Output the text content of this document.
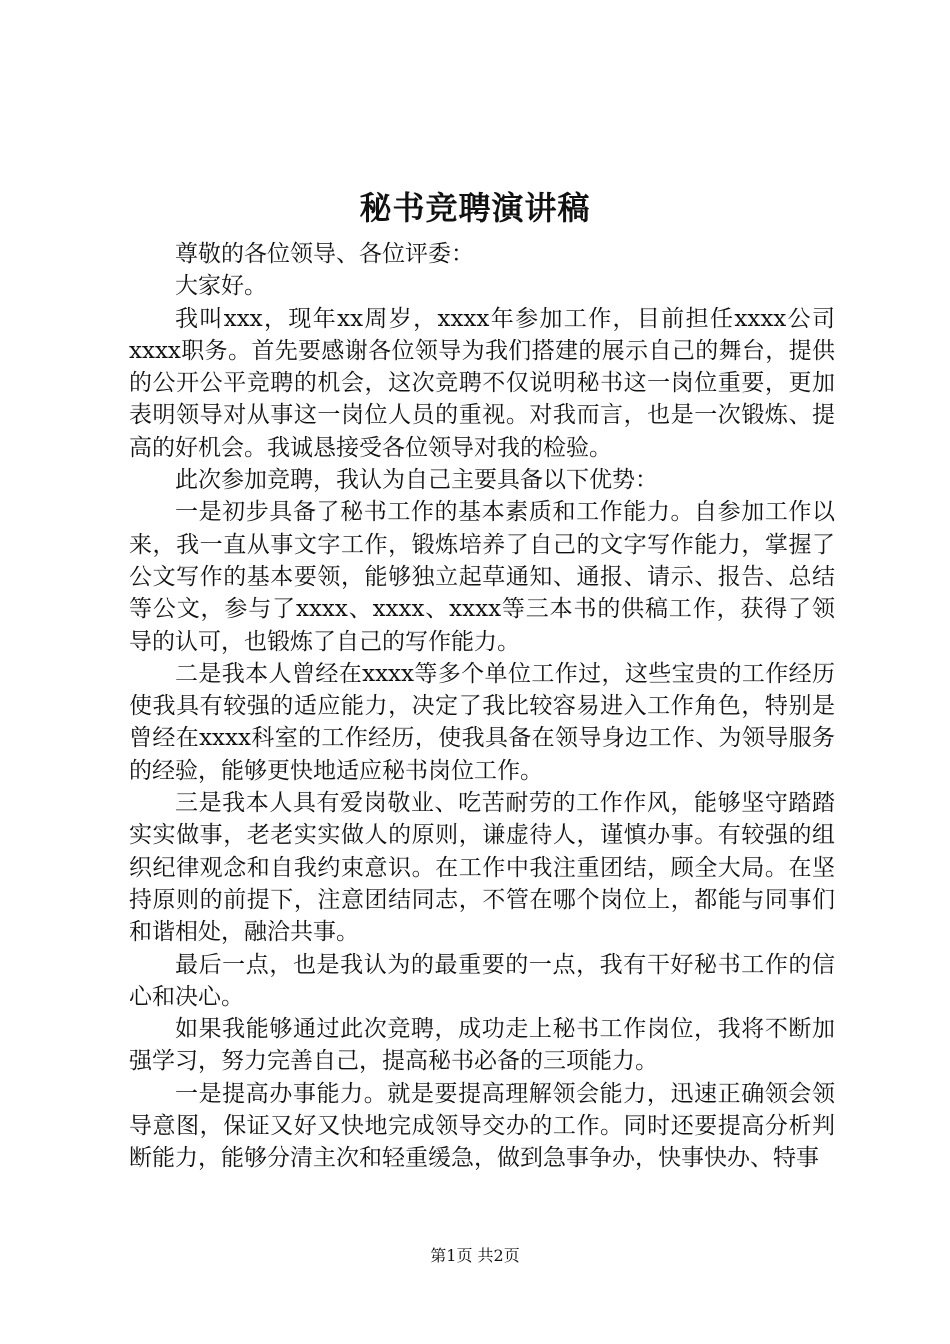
秘书竞聘演讲稿

尊敬的各位领导、各位评委：

大家好。

我叫xxx，现年xx周岁，xxxx年参加工作，目前担任xxxx公司xxxx职务。首先要感谢各位领导为我们搭建的展示自己的舞台，提供的公开公平竞聘的机会，这次竞聘不仅说明秘书这一岗位重要，更加表明领导对从事这一岗位人员的重视。对我而言，也是一次锻炼、提高的好机会。我诚恳接受各位领导对我的检验。

此次参加竞聘，我认为自己主要具备以下优势：

一是初步具备了秘书工作的基本素质和工作能力。自参加工作以来，我一直从事文字工作，锻炼培养了自己的文字写作能力，掌握了公文写作的基本要领，能够独立起草通知、通报、请示、报告、总结等公文，参与了xxxx、xxxx、xxxx等三本书的供稿工作，获得了领导的认可，也锻炼了自己的写作能力。

二是我本人曾经在xxxx等多个单位工作过，这些宝贵的工作经历使我具有较强的适应能力，决定了我比较容易进入工作角色，特别是曾经在xxxx科室的工作经历，使我具备在领导身边工作、为领导服务的经验，能够更快地适应秘书岗位工作。

三是我本人具有爱岗敬业、吃苦耐劳的工作作风，能够坚守踏踏实实做事，老老实实做人的原则，谦虚待人，谨慎办事。有较强的组织纪律观念和自我约束意识。在工作中我注重团结，顾全大局。在坚持原则的前提下，注意团结同志，不管在哪个岗位上，都能与同事们和谐相处，融洽共事。

最后一点，也是我认为的最重要的一点，我有干好秘书工作的信心和决心。

如果我能够通过此次竞聘，成功走上秘书工作岗位，我将不断加强学习，努力完善自己，提高秘书必备的三项能力。

一是提高办事能力。就是要提高理解领会能力，迅速正确领会领导意图，保证又好又快地完成领导交办的工作。同时还要提高分析判断能力，能够分清主次和轻重缓急，做到急事争办，快事快办、特事

第1页 共2页
